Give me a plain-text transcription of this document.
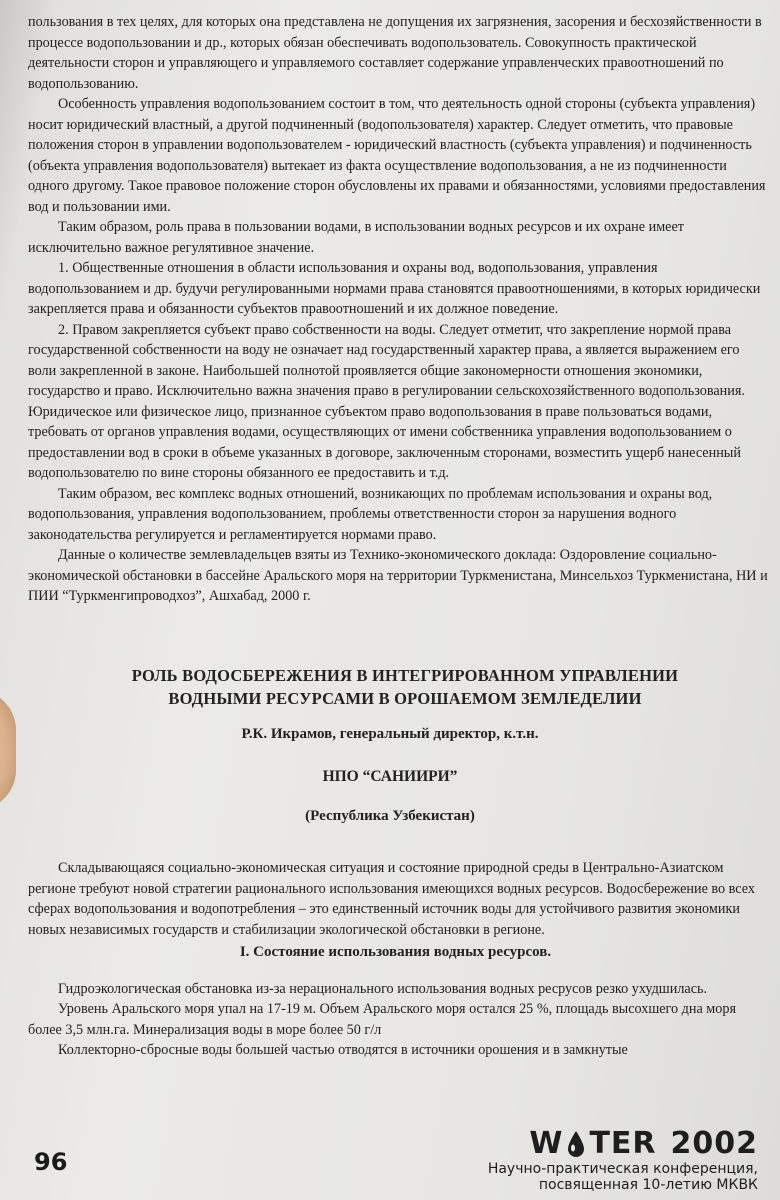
пользования в тех целях, для которых она представлена не допущения их загрязнения, засорения и бесхозяйственности в процессе водопользовании и др., которых обязан обеспечивать водопользователь. Совокупность практической деятельности сторон и управляющего и управляемого составляет содержание управленческих правоотношений по водопользованию.

Особенность управления водопользованием состоит в том, что деятельность одной стороны (субъекта управления) носит юридический властный, а другой подчиненный (водопользователя) характер. Следует отметить, что правовые положения сторон в управлении водопользователем - юридический властность (субъекта управления) и подчиненность (объекта управления водопользователя) вытекает из факта осуществление водопользования, а не из подчиненности одного другому. Такое правовое положение сторон обусловлены их правами и обязанностями, условиями предоставления вод и пользовании ими.

Таким образом, роль права в пользовании водами, в использовании водных ресурсов и их охране имеет исключительно важное регулятивное значение.

1. Общественные отношения в области использования и охраны вод, водопользования, управления водопользованием и др. будучи регулированными нормами права становятся правоотношениями, в которых юридически закрепляется права и обязанности субъектов правоотношений и их должное поведение.

2. Правом закрепляется субъект право собственности на воды. Следует отметит, что закрепление нормой права государственной собственности на воду не означает над государственный характер права, а является выражением его воли закрепленной в законе. Наибольшей полнотой проявляется общие закономерности отношения экономики, государство и право. Исключительно важна значения право в регулировании сельскохозяйственного водопользования. Юридическое или физическое лицо, признанное субъектом право водопользования в праве пользоваться водами, требовать от органов управления водами, осуществляющих от имени собственника управления водопользованием о предоставлении вод в сроки в объеме указанных в договоре, заключенным сторонами, возместить ущерб нанесенный водопользователю по вине стороны обязанного ее предоставить и т.д.

Таким образом, вес комплекс водных отношений, возникающих по проблемам использования и охраны вод, водопользования, управления водопользованием, проблемы ответственности сторон за нарушения водного законодательства регулируется и регламентируется нормами право.

Данные о количестве землевладельцев взяты из Технико-экономического доклада: Оздоровление социально-экономической обстановки в бассейне Аральского моря на территории Туркменистана, Минсельхоз Туркменистана, НИ и ПИИ “Туркменгипроводхоз”, Ашхабад, 2000 г.

РОЛЬ ВОДОСБЕРЕЖЕНИЯ В ИНТЕГРИРОВАННОМ УПРАВЛЕНИИ
ВОДНЫМИ РЕСУРСАМИ В ОРОШАЕМОМ ЗЕМЛЕДЕЛИИ
Р.К. Икрамов, генеральный директор, к.т.н.
НПО “САНИИРИ”
(Республика Узбекистан)

Складывающаяся социально-экономическая ситуация и состояние природной среды в Центрально-Азиатском регионе требуют новой стратегии рационального использования имеющихся водных ресурсов. Водосбережение во всех сферах водопользования и водопотребления – это единственный источник воды для устойчивого развития экономики новых независимых государств и стабилизации экологической обстановки в регионе.

I. Состояние использования водных ресурсов.

Гидроэкологическая обстановка из-за нерационального использования водных ресрусов резко ухудшилась.

Уровень Аральского моря упал на 17-19 м. Объем Аральского моря остался 25 %, площадь высохшего дна моря более 3,5 млн.га. Минерализация воды в море более 50 г/л

Коллекторно-сбросные воды большей частью отводятся в источники орошения и в замкнутые

96
W TER 2002
Научно-практическая конференция,
посвященная 10-летию МКВК
